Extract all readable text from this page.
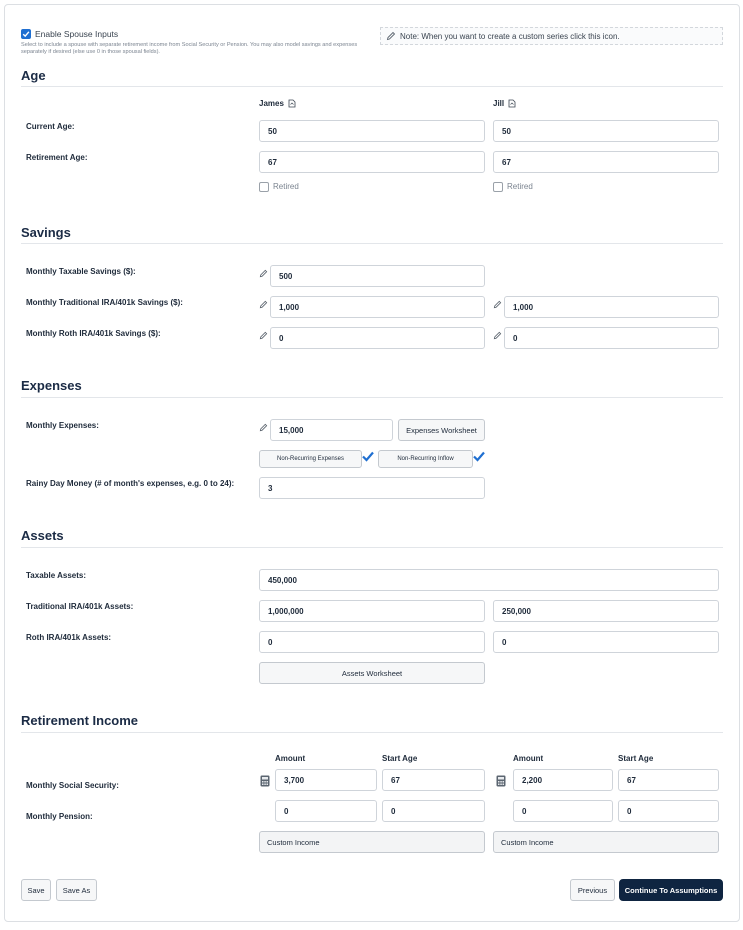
Enable Spouse Inputs
Select to include a spouse with separate retirement income from Social Security or Pension. You may also model savings and expenses separately if desired (else use 0 in those spousal fields).
Note: When you want to create a custom series click this icon.
Age
James	Jill
Current Age:	50	50
Retirement Age:	67	67
Retired	Retired
Savings
Monthly Taxable Savings ($):	500
Monthly Traditional IRA/401k Savings ($):	1,000	1,000
Monthly Roth IRA/401k Savings ($):	0	0
Expenses
Monthly Expenses:	15,000	Expenses Worksheet
Non-Recurring Expenses	Non-Recurring Inflow
Rainy Day Money (# of month's expenses, e.g. 0 to 24):	3
Assets
Taxable Assets:	450,000
Traditional IRA/401k Assets:	1,000,000	250,000
Roth IRA/401k Assets:	0	0
Assets Worksheet
Retirement Income
Amount	Start Age	Amount	Start Age
Monthly Social Security:
3,700	67	2,200	67
Monthly Pension:
0	0	0	0
Custom Income	Custom Income
Save	Save As	Previous	Continue To Assumptions
